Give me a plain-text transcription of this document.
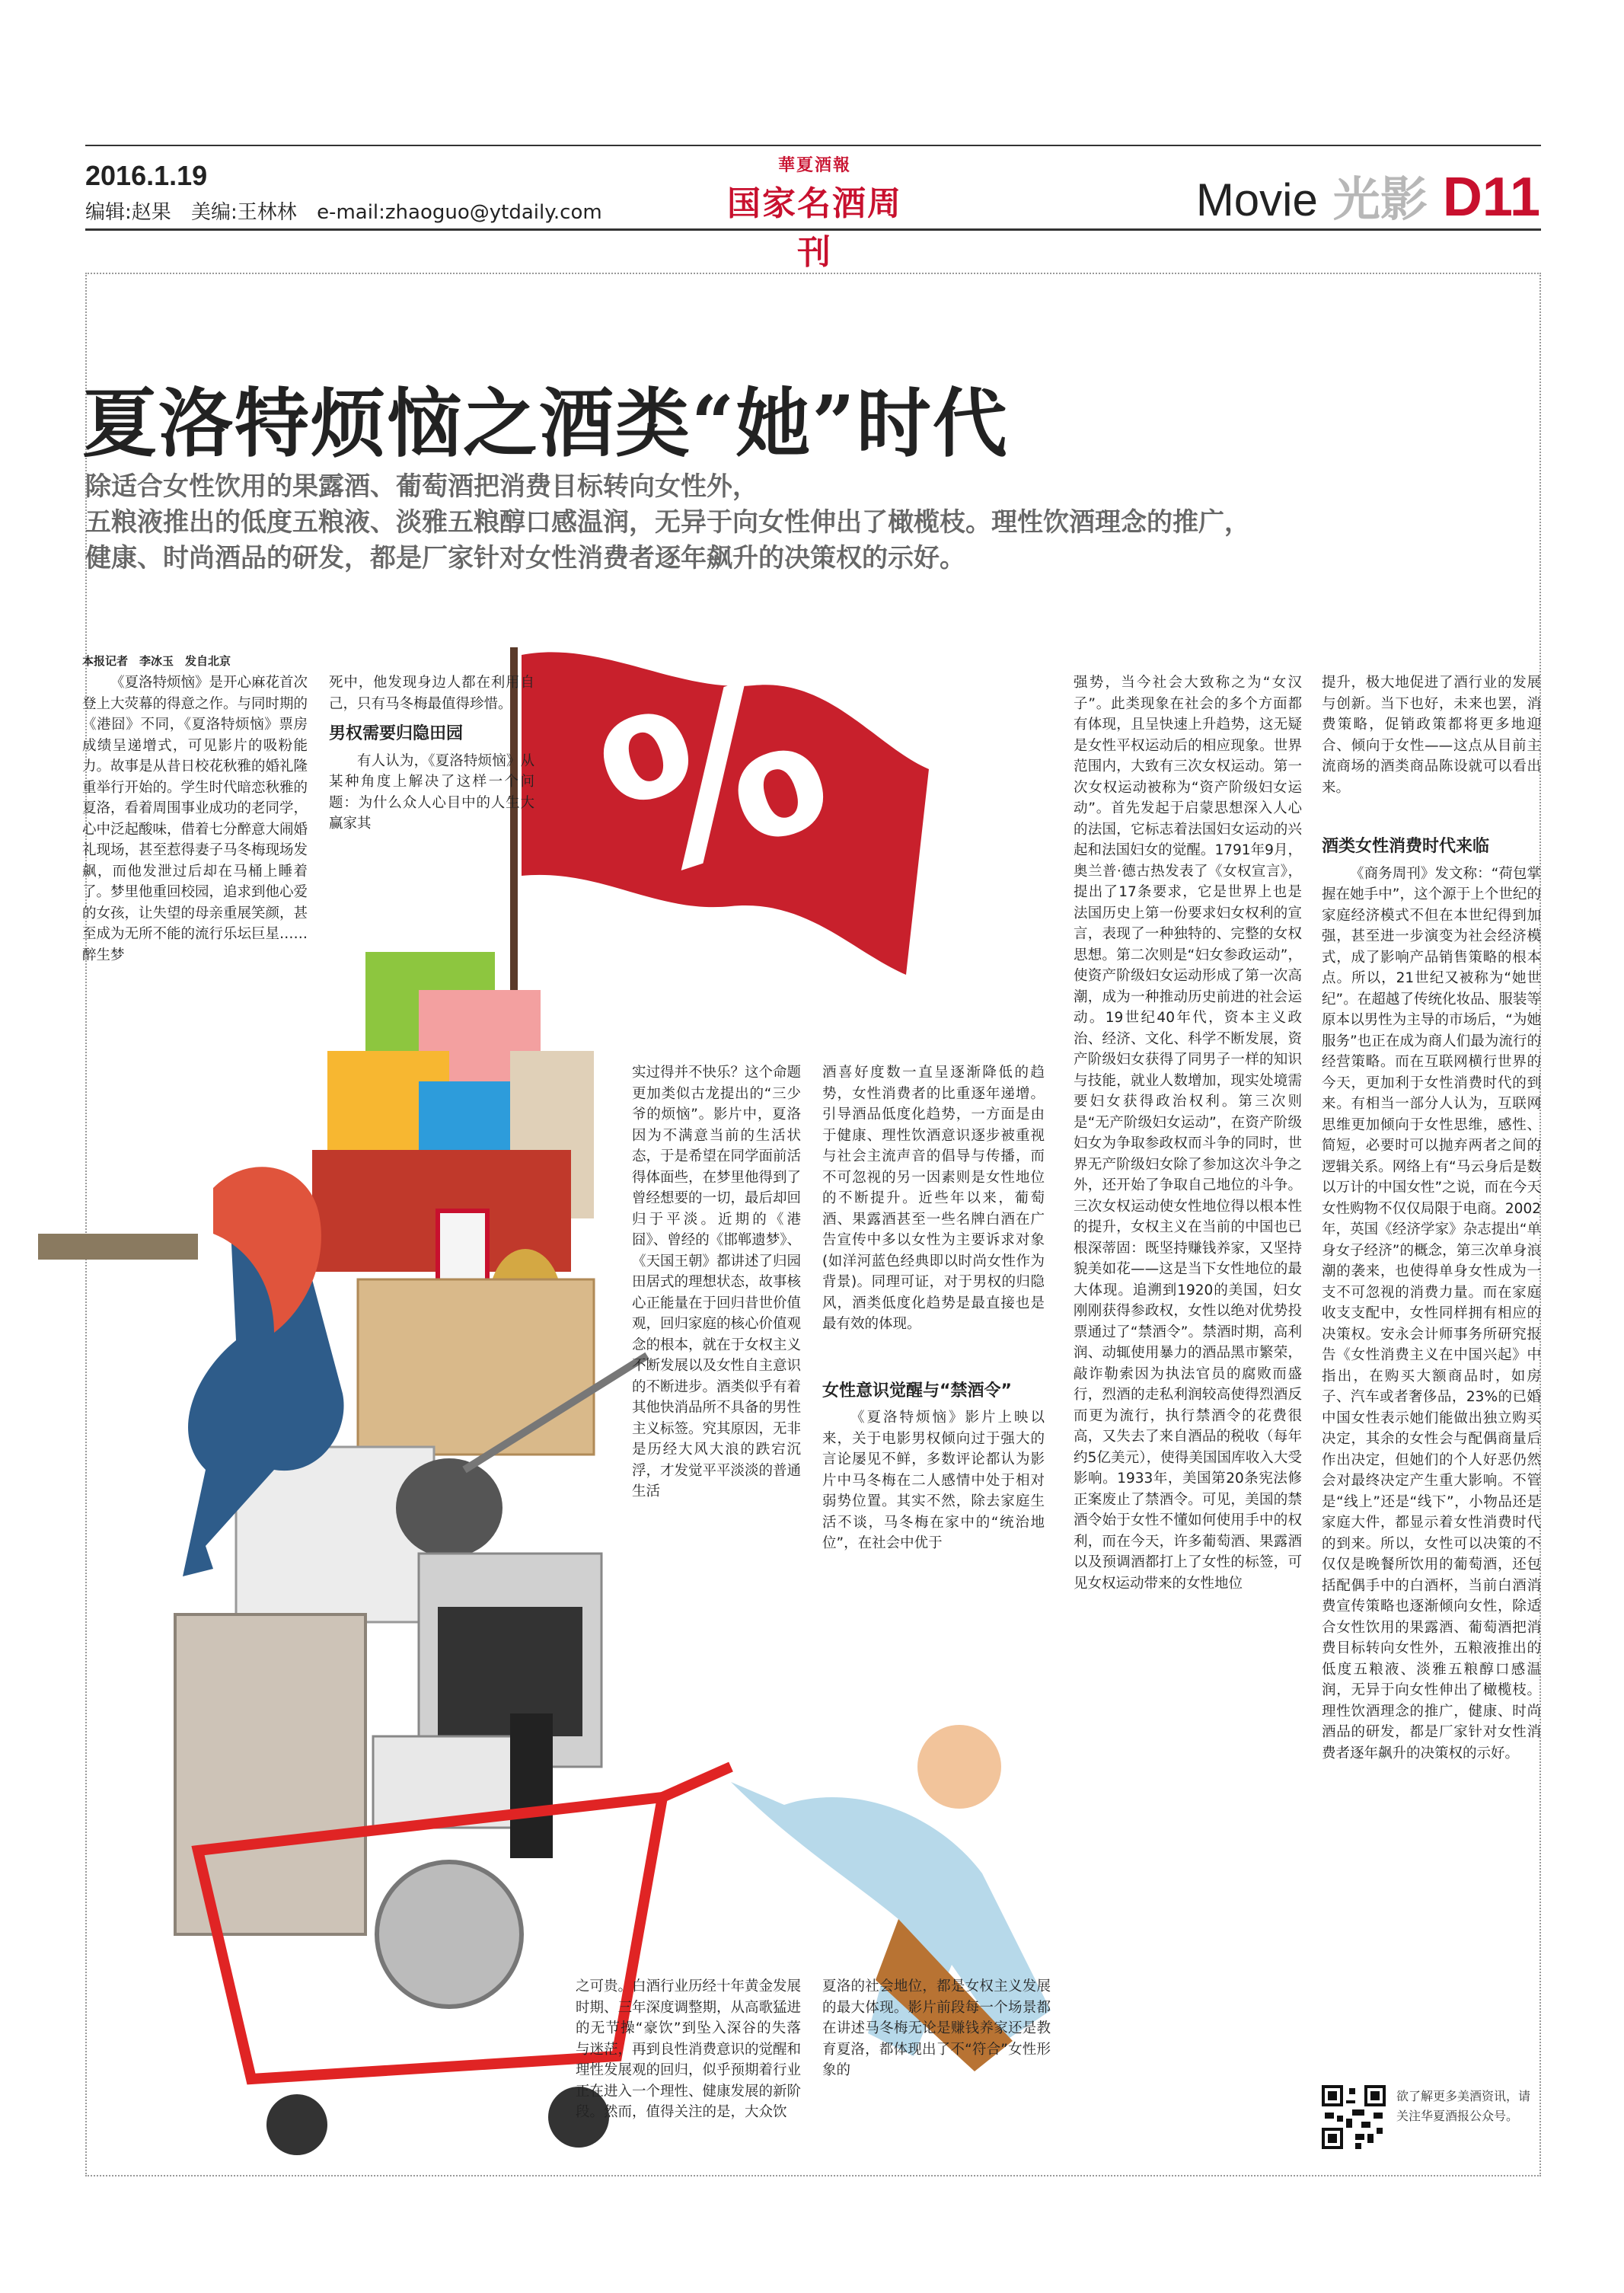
2016.1.19
编辑:赵果 美编:王林林 e-mail:zhaoguo@ytdaily.com
華夏酒報
国家名酒周刊
Movie 光影 D11
夏洛特烦恼之酒类“她”时代
除适合女性饮用的果露酒、葡萄酒把消费目标转向女性外，
五粮液推出的低度五粮液、淡雅五粮醇口感温润，无异于向女性伸出了橄榄枝。理性饮酒理念的推广，
健康、时尚酒品的研发，都是厂家针对女性消费者逐年飙升的决策权的示好。
%
本报记者　李冰玉　发自北京

《夏洛特烦恼》是开心麻花首次登上大荧幕的得意之作。与同时期的《港囧》不同，《夏洛特烦恼》票房成绩呈递增式，可见影片的吸粉能力。故事是从昔日校花秋雅的婚礼隆重举行开始的。学生时代暗恋秋雅的夏洛，看着周围事业成功的老同学，心中泛起酸味，借着七分醉意大闹婚礼现场，甚至惹得妻子马冬梅现场发飙，而他发泄过后却在马桶上睡着了。梦里他重回校园，追求到他心爱的女孩，让失望的母亲重展笑颜，甚至成为无所不能的流行乐坛巨星……醉生梦

死中，他发现身边人都在利用自己，只有马冬梅最值得珍惜。

男权需要归隐田园

有人认为，《夏洛特烦恼》从某种角度上解决了这样一个问题：为什么众人心目中的人生大赢家其

实过得并不快乐？这个命题更加类似古龙提出的“三少爷的烦恼”。影片中，夏洛因为不满意当前的生活状态，于是希望在同学面前活得体面些，在梦里他得到了曾经想要的一切，最后却回归于平淡。近期的《港囧》、曾经的《邯郸遗梦》、《天国王朝》都讲述了归园田居式的理想状态，故事核心正能量在于回归昔世价值观，回归家庭的核心价值观念的根本，就在于女权主义不断发展以及女性自主意识的不断进步。酒类似乎有着其他快消品所不具备的男性主义标签。究其原因，无非是历经大风大浪的跌宕沉浮，才发觉平平淡淡的普通生活

酒喜好度数一直呈逐渐降低的趋势，女性消费者的比重逐年递增。引导酒品低度化趋势，一方面是由于健康、理性饮酒意识逐步被重视与社会主流声音的倡导与传播，而不可忽视的另一因素则是女性地位的不断提升。近些年以来，葡萄酒、果露酒甚至一些名牌白酒在广告宣传中多以女性为主要诉求对象(如洋河蓝色经典即以时尚女性作为背景)。同理可证，对于男权的归隐风，酒类低度化趋势是最直接也是最有效的体现。

女性意识觉醒与“禁酒令”

《夏洛特烦恼》影片上映以来，关于电影男权倾向过于强大的言论屡见不鲜，多数评论都认为影片中马冬梅在二人感情中处于相对弱势位置。其实不然，除去家庭生活不谈，马冬梅在家中的“统治地位”，在社会中优于

强势，当今社会大致称之为“女汉子”。此类现象在社会的多个方面都有体现，且呈快速上升趋势，这无疑是女性平权运动后的相应现象。世界范围内，大致有三次女权运动。第一次女权运动被称为“资产阶级妇女运动”。首先发起于启蒙思想深入人心的法国，它标志着法国妇女运动的兴起和法国妇女的觉醒。1791年9月，奥兰普·德古热发表了《女权宣言》，提出了17条要求，它是世界上也是法国历史上第一份要求妇女权利的宣言，表现了一种独特的、完整的女权思想。第二次则是“妇女参政运动”，使资产阶级妇女运动形成了第一次高潮，成为一种推动历史前进的社会运动。19世纪40年代，资本主义政治、经济、文化、科学不断发展，资产阶级妇女获得了同男子一样的知识与技能，就业人数增加，现实处境需要妇女获得政治权利。第三次则是“无产阶级妇女运动”，在资产阶级妇女为争取参政权而斗争的同时，世界无产阶级妇女除了参加这次斗争之外，还开始了争取自己地位的斗争。三次女权运动使女性地位得以根本性的提升，女权主义在当前的中国也已根深蒂固：既坚持赚钱养家，又坚持貌美如花——这是当下女性地位的最大体现。追溯到1920的美国，妇女刚刚获得参政权，女性以绝对优势投票通过了“禁酒令”。禁酒时期，高利润、动辄使用暴力的酒品黑市繁荣，敲诈勒索因为执法官员的腐败而盛行，烈酒的走私利润较高使得烈酒反而更为流行，执行禁酒令的花费很高，又失去了来自酒品的税收（每年约5亿美元），使得美国国库收入大受影响。1933年，美国第20条宪法修正案废止了禁酒令。可见，美国的禁酒令始于女性不懂如何使用手中的权利，而在今天，许多葡萄酒、果露酒以及预调酒都打上了女性的标签，可见女权运动带来的女性地位

提升，极大地促进了酒行业的发展与创新。当下也好，未来也罢，消费策略，促销政策都将更多地迎合、倾向于女性——这点从目前主流商场的酒类商品陈设就可以看出来。

酒类女性消费时代来临

《商务周刊》发文称：“荷包掌握在她手中”，这个源于上个世纪的家庭经济模式不但在本世纪得到加强，甚至进一步演变为社会经济模式，成了影响产品销售策略的根本点。所以，21世纪又被称为“她世纪”。在超越了传统化妆品、服装等原本以男性为主导的市场后，“为她服务”也正在成为商人们最为流行的经营策略。而在互联网横行世界的今天，更加利于女性消费时代的到来。有相当一部分人认为，互联网思维更加倾向于女性思维，感性、简短，必要时可以抛弃两者之间的逻辑关系。网络上有“马云身后是数以万计的中国女性”之说，而在今天女性购物不仅仅局限于电商。2002年，英国《经济学家》杂志提出“单身女子经济”的概念，第三次单身浪潮的袭来，也使得单身女性成为一支不可忽视的消费力量。而在家庭收支支配中，女性同样拥有相应的决策权。安永会计师事务所研究报告《女性消费主义在中国兴起》中指出，在购买大额商品时，如房子、汽车或者奢侈品，23%的已婚中国女性表示她们能做出独立购买决定，其余的女性会与配偶商量后作出决定，但她们的个人好恶仍然会对最终决定产生重大影响。不管是“线上”还是“线下”，小物品还是家庭大件，都显示着女性消费时代的到来。所以，女性可以决策的不仅仅是晚餐所饮用的葡萄酒，还包括配偶手中的白酒杯，当前白酒消费宣传策略也逐渐倾向女性，除适合女性饮用的果露酒、葡萄酒把消费目标转向女性外，五粮液推出的低度五粮液、淡雅五粮醇口感温润，无异于向女性伸出了橄榄枝。理性饮酒理念的推广，健康、时尚酒品的研发，都是厂家针对女性消费者逐年飙升的决策权的示好。

之可贵。白酒行业历经十年黄金发展时期、三年深度调整期，从高歌猛进的无节操“豪饮”到坠入深谷的失落与迷茫，再到良性消费意识的觉醒和理性发展观的回归，似乎预期着行业正在进入一个理性、健康发展的新阶段。然而，值得关注的是，大众饮

夏洛的社会地位，都是女权主义发展的最大体现。影片前段每一个场景都在讲述马冬梅无论是赚钱养家还是教育夏洛，都体现出了不“符合”女性形象的

欲了解更多美酒资讯，请关注华夏酒报公众号。
